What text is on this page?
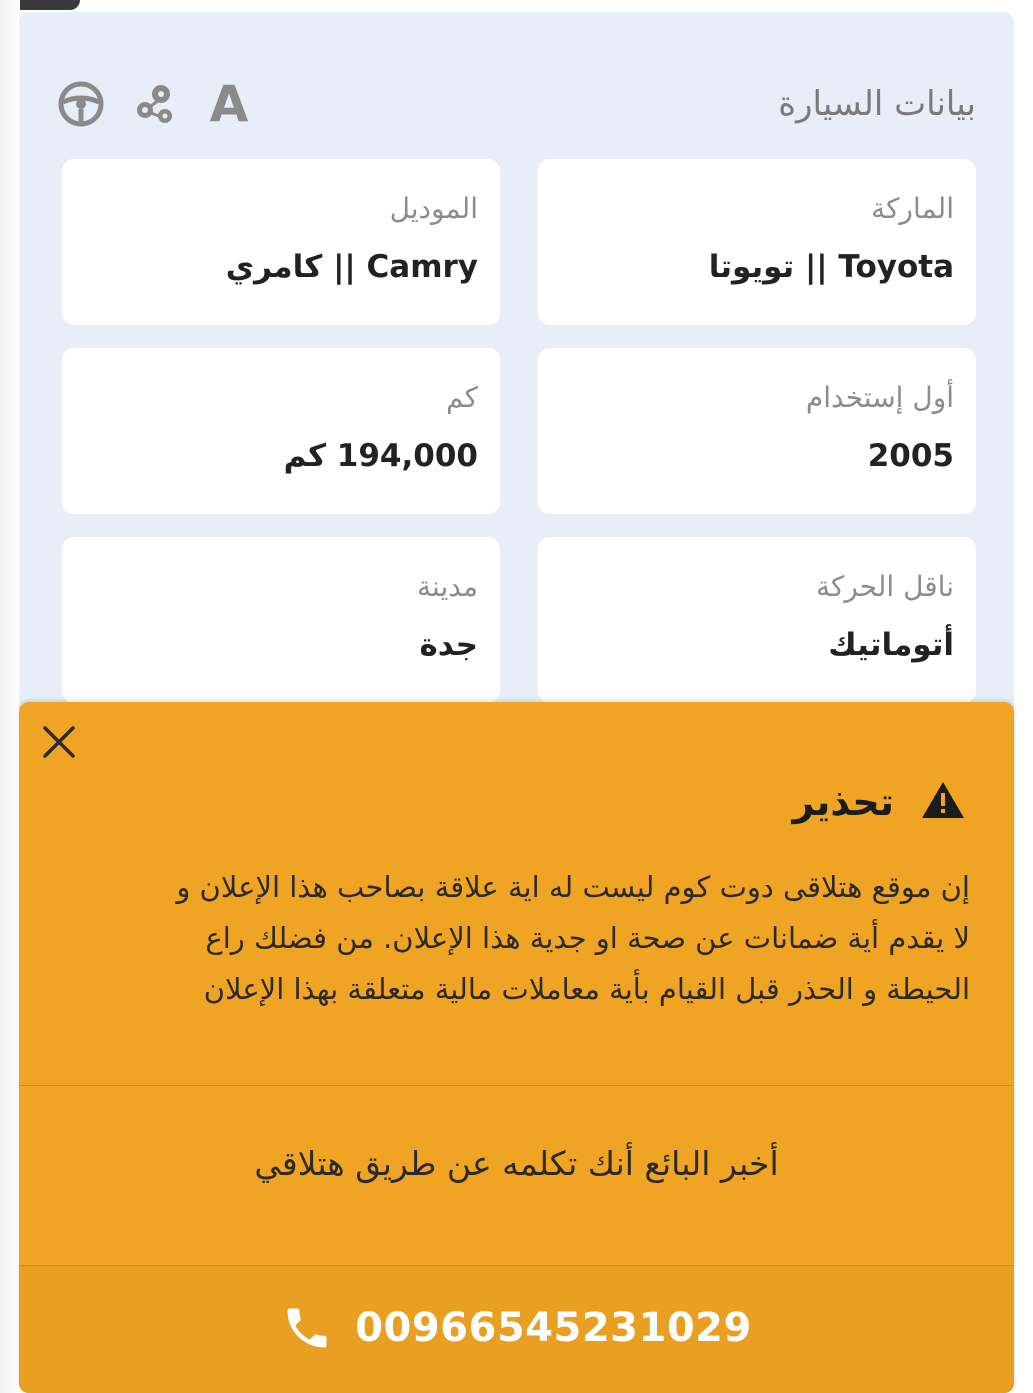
بيانات السيارة
A
الماركة
Toyota || تويوتا
الموديل
Camry || كامري
أول إستخدام
2005
كم
194,000 كم
ناقل الحركة
أتوماتيك
مدينة
جدة
تحذير
إن موقع هتلاقى دوت كوم ليست له اية علاقة بصاحب هذا الإعلان و
لا يقدم أية ضمانات عن صحة او جدية هذا الإعلان. من فضلك راع
الحيطة و الحذر قبل القيام بأية معاملات مالية متعلقة بهذا الإعلان
أخبر البائع أنك تكلمه عن طريق هتلاقي
00966545231029
